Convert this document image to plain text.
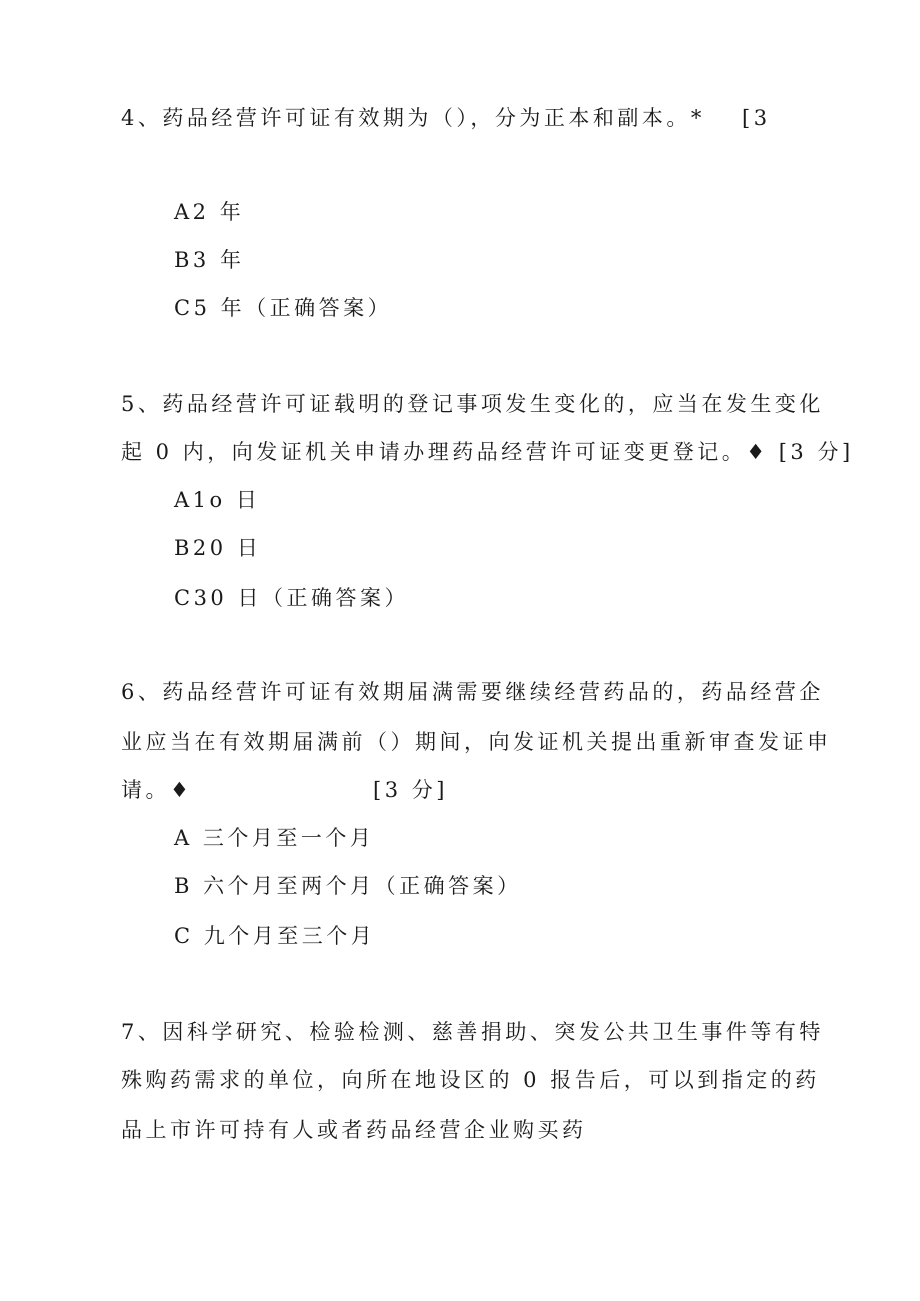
4、药品经营许可证有效期为（），分为正本和副本。* [3
A2 年
B3 年
C5 年（正确答案）
5、药品经营许可证载明的登记事项发生变化的，应当在发生变化
起 0 内，向发证机关申请办理药品经营许可证变更登记。♦ [3 分]
A1o 日
B20 日
C30 日（正确答案）
6、药品经营许可证有效期届满需要继续经营药品的，药品经营企
业应当在有效期届满前（）期间，向发证机关提出重新审查发证申
请。♦	[3 分]
A 三个月至一个月
B 六个月至两个月（正确答案）
C 九个月至三个月
7、因科学研究、检验检测、慈善捐助、突发公共卫生事件等有特
殊购药需求的单位，向所在地设区的 0 报告后，可以到指定的药
品上市许可持有人或者药品经营企业购买药
